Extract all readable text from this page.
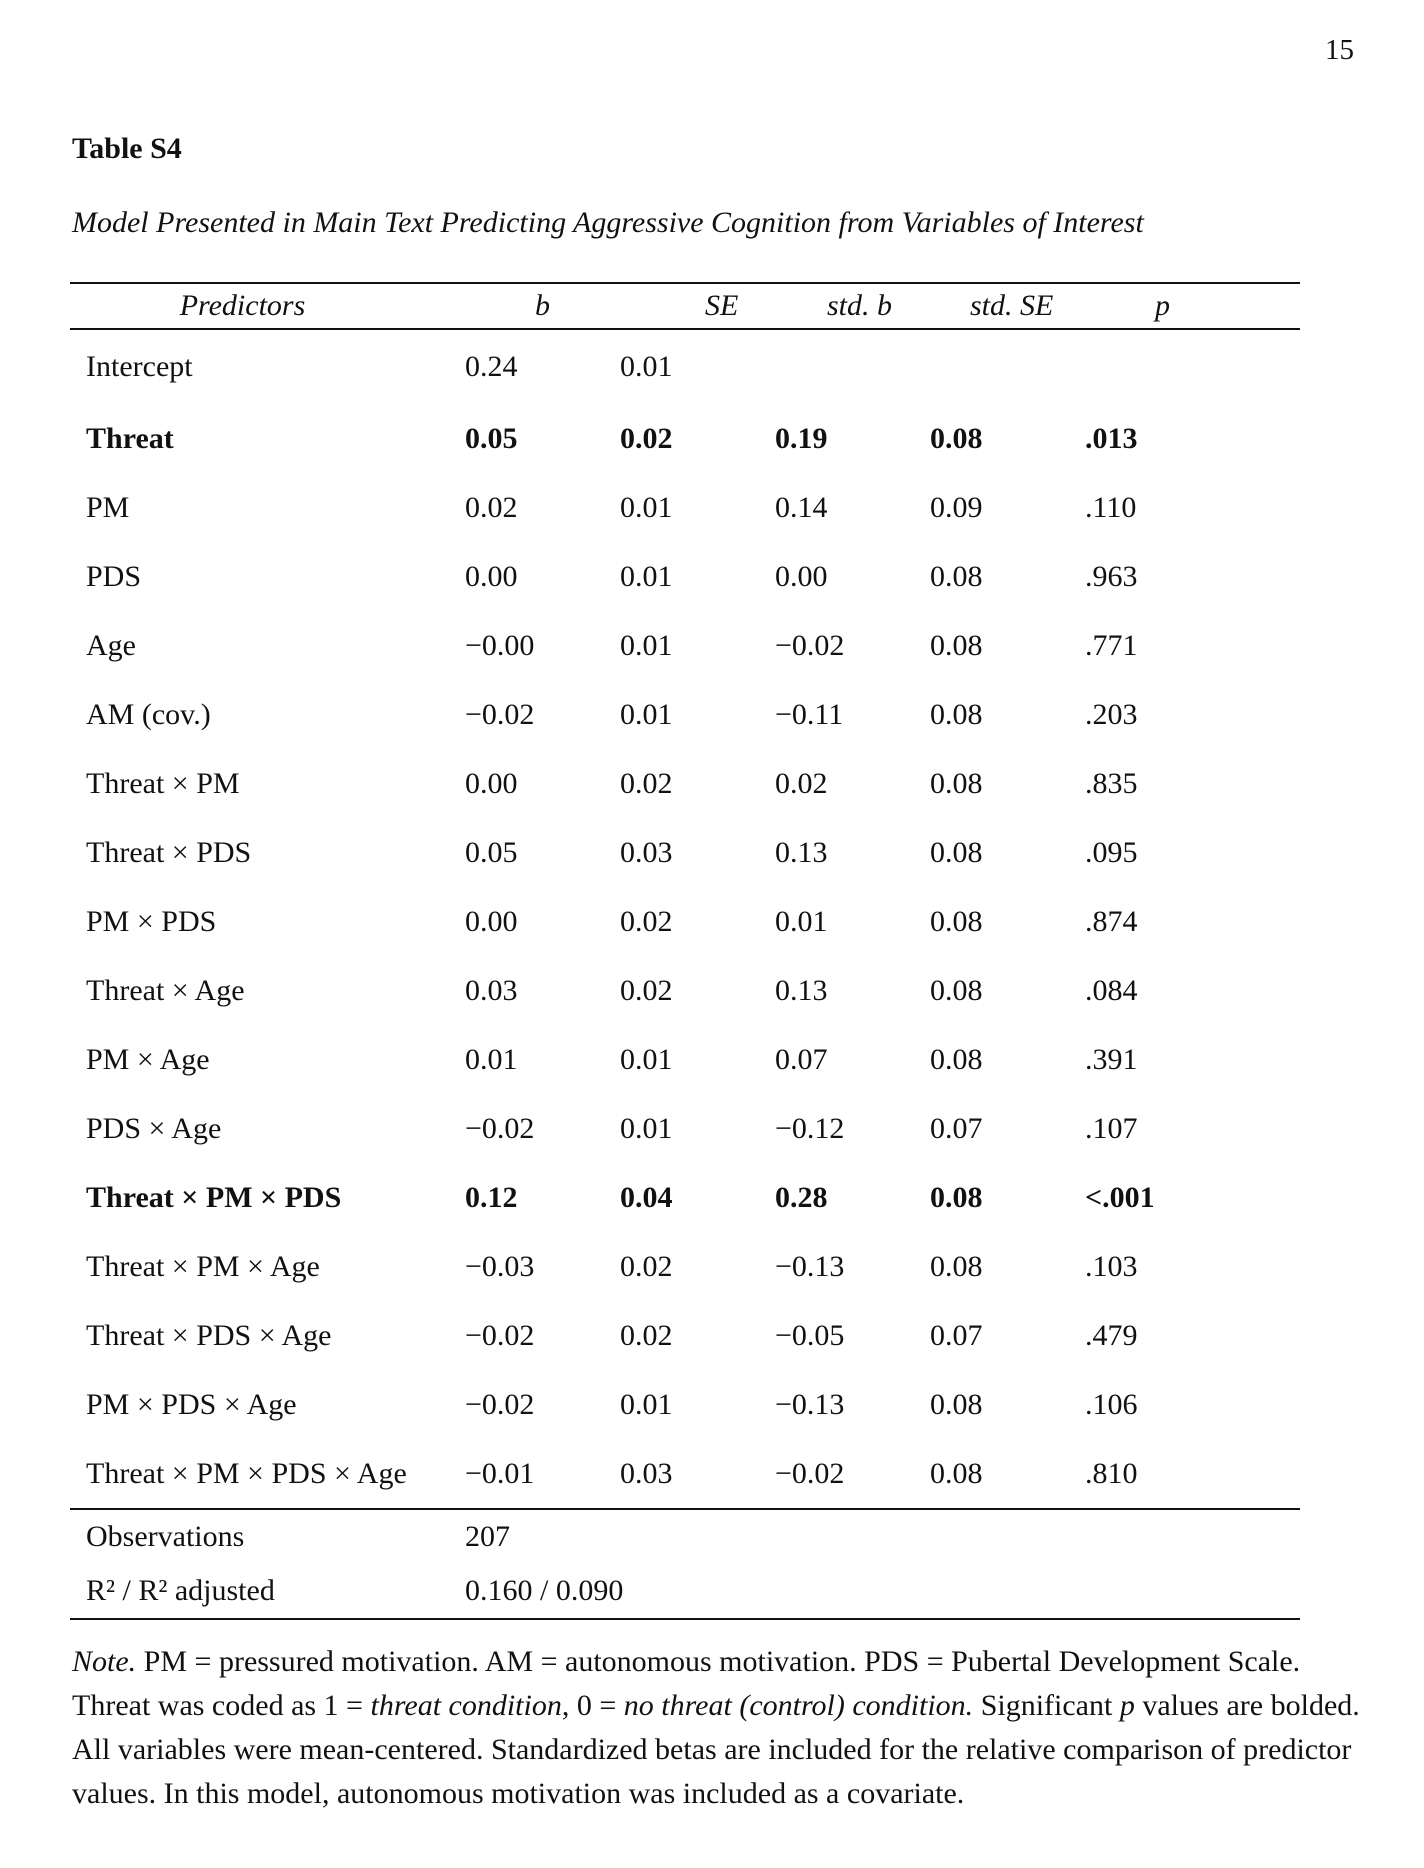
15
Table S4
Model Presented in Main Text Predicting Aggressive Cognition from Variables of Interest
Predictors	b	SE	std. b	std. SE	p
Intercept	0.24	0.01			
Threat	0.05	0.02	0.19	0.08	.013
PM	0.02	0.01	0.14	0.09	.110
PDS	0.00	0.01	0.00	0.08	.963
Age	−0.00	0.01	−0.02	0.08	.771
AM (cov.)	−0.02	0.01	−0.11	0.08	.203
Threat × PM	0.00	0.02	0.02	0.08	.835
Threat × PDS	0.05	0.03	0.13	0.08	.095
PM × PDS	0.00	0.02	0.01	0.08	.874
Threat × Age	0.03	0.02	0.13	0.08	.084
PM × Age	0.01	0.01	0.07	0.08	.391
PDS × Age	−0.02	0.01	−0.12	0.07	.107
Threat × PM × PDS	0.12	0.04	0.28	0.08	<.001
Threat × PM × Age	−0.03	0.02	−0.13	0.08	.103
Threat × PDS × Age	−0.02	0.02	−0.05	0.07	.479
PM × PDS × Age	−0.02	0.01	−0.13	0.08	.106
Threat × PM × PDS × Age	−0.01	0.03	−0.02	0.08	.810
Observations	207				
R² / R² adjusted	0.160 / 0.090				
Note. PM = pressured motivation. AM = autonomous motivation. PDS = Pubertal Development Scale. Threat was coded as 1 = threat condition, 0 = no threat (control) condition. Significant p values are bolded. All variables were mean-centered. Standardized betas are included for the relative comparison of predictor values. In this model, autonomous motivation was included as a covariate.
